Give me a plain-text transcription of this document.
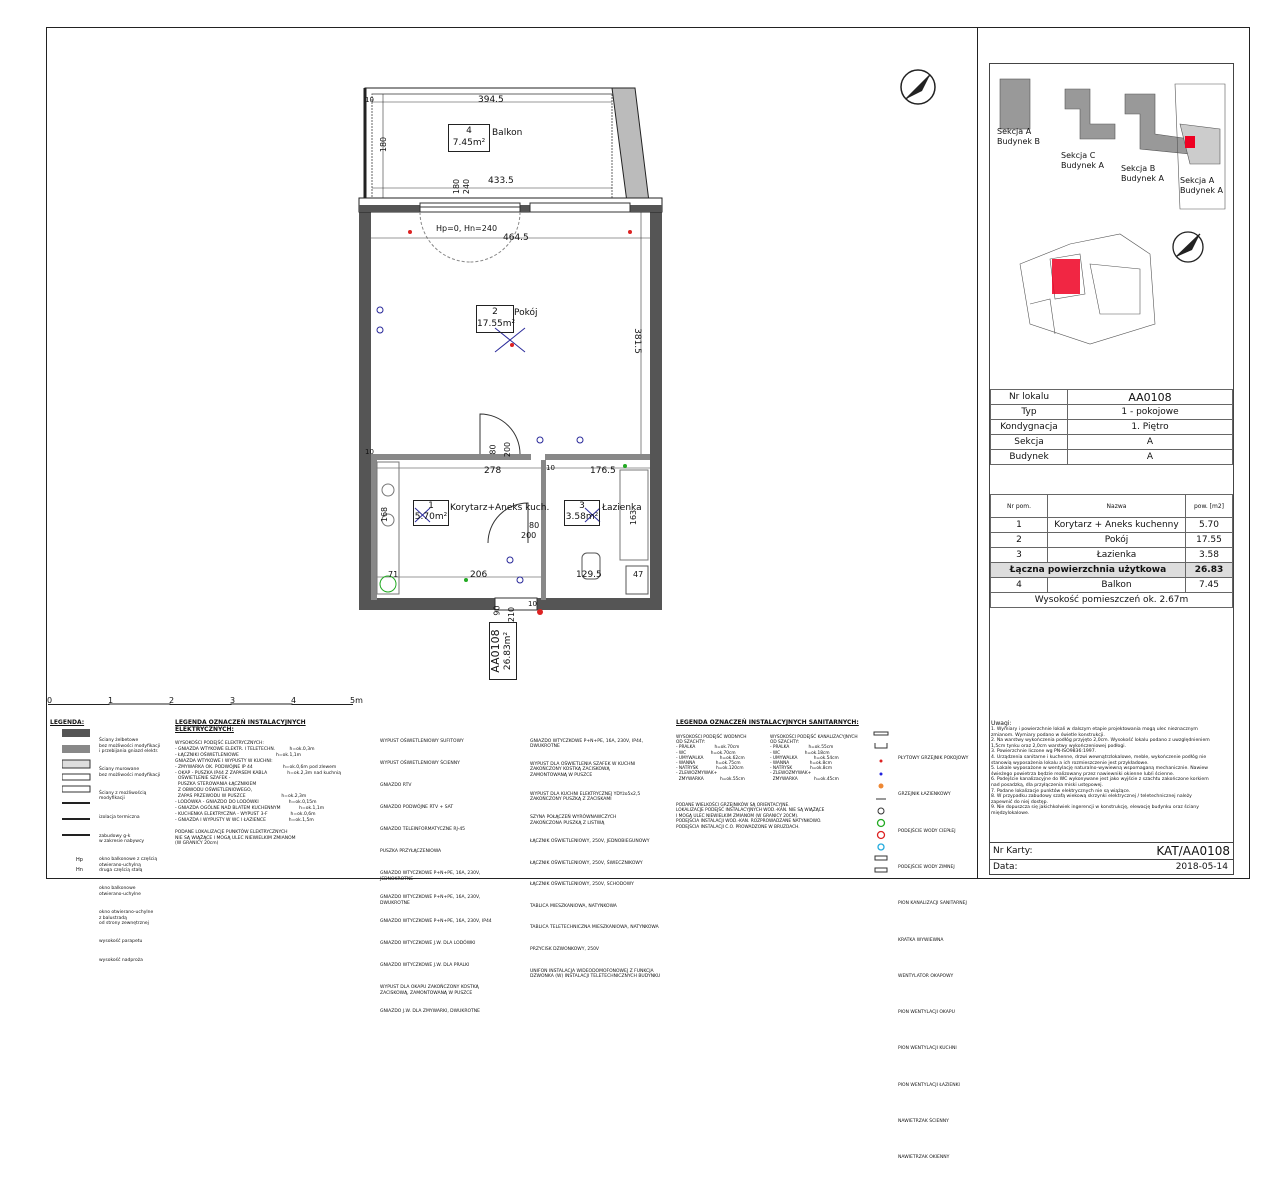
394.5
180
433.5
180 240
Hp=0, Hn=240
464.5
381.5
278	176.5
80 200
80
200
168	163
206	129.5
71	47
90 210
10
10
10
10
4
7.45m²
Balkon
2
17.55m²
Pokój
1
5.70m²
Korytarz+Aneks kuch.	3
3.58m²
Łazienka
AA0108 26.83m²
0	1	2	3	4	5m
Sekcja A
Budynek B
Sekcja C
Budynek A Sekcja B
Budynek A Sekcja A
Budynek A
Nr lokalu	AA0108
Typ	1 - pokojowe
Kondygnacja	1. Piętro
Sekcja	A
Budynek	A
Nr pom.	Nazwa	pow. [m2]
1	Korytarz + Aneks kuchenny	5.70
2	Pokój	17.55
3	Łazienka	3.58
Łączna powierzchnia użytkowa		26.83
4	Balkon	7.45
Wysokość pomieszczeń ok. 2.67m		
Uwagi:
1. Wymiary i powierzchnie lokali w dalszym etapie projektowania mogą ulec nieznacznym
zmianom. Wymiary podano w świetle konstrukcji.
2. Na warstwy wykończenia podłóg przyjęto 2,0cm. Wysokość lokalu podano z uwzględnieniem
1,5cm tynku oraz 2,0cm warstwy wykończeniowej podłogi.
3. Powierzchnie liczone wg PN-ISO9836:1997.
4. Urządzenia sanitarne i kuchenne, drzwi wewnątrzlokalowe, meble, wykończenie podłóg nie
stanowią wyposażenia lokalu a ich rozmieszczenie jest przykładowe.
5. Lokale wyposażone w wentylację naturalno-wywiewną wspomaganą mechanicznie. Nawiew
świeżego powietrza będzie realizowany przez nawiewniki okienne lub/i ścienne.
6. Podejście kanalizacyjne do WC wykonywane jest jako wyjście z szachtu zakończone korkiem
nad posadzką, dla przyłączenia miski ustępowej.
7. Podane lokalizacje punktów elektrycznych nie są wiążące.
8. W przypadku zabudowy szafą wiekową skrzynki elektrycznej / teletechnicznej należy
zapewnić do niej dostęp.
9. Nie dopuszcza się jakichkolwiek ingerencji w konstrukcję, elewację budynku oraz ściany
międzylokalowe.
Nr Karty:	KAT/AA0108
Data:	2018-05-14
LEGENDA:

Ściany żelbetowe
bez możliwości modyfikacji
i przebijania gniazd elektr.

Ściany murowane
bez możliwości modyfikacji

Ściany z możliwością
modyfikacji

izolacja termiczna

zabudowy g-k
w zakresie nabywcy

okno balkonowe z częścią
otwierano-uchylną
druga częścią stałą

okno balkonowe
otwierano-uchylne

okno otwierano-uchylne
z balustradą
od strony zewnętrznej

wysokość parapetu

wysokość nadproża

Hp
Hn
LEGENDA OZNACZEŃ INSTALACYJNYCH ELEKTRYCZNYCH:
WYSOKOŚCI PODEJŚĆ ELEKTRYCZNYCH:
- GNIAZDA WTYKOWE ELEKTR. I TELETECHN.          h=ok.0,3m
- ŁĄCZNIKI OŚWIETLENIOWE                          h=ok.1,1m
GNIAZDA WTYKOWE I WYPUSTY W KUCHNI:
- ZMYWARKA OK. PODWÓJNE IP 44                     h=ok.0,6m pod zlewem
- OKAP - PUSZKA IP44 Z ZAPASEM KABLA              h=ok.2,3m nad kuchnią
OŚWIETLENIE SZAFEK -
PUSZKA STEROWANIA ŁĄCZNIKIEM
Z OBWODU OŚWIETLENIOWEGO,
ZAPAS PRZEWODU W PUSZCE                         h=ok.2,3m
- LODÓWKA - GNIAZDO DO LODÓWKI                     h=ok.0,15m
- GNIAZDA OGÓLNE NAD BLATEM KUCHENNYM             h=ok.1,1m
- KUCHENKA ELEKTRYCZNA - WYPUST 3-F                h=ok.0,6m
- GNIAZDA I WYPUSTY W WC I ŁAZIENCE                h=ok.1,5m

PODANE LOKALIZACJE PUNKTÓW ELEKTRYCZNYCH
NIE SĄ WIĄŻĄCE I MOGĄ ULEC NIEWIELKIM ZMIANOM
(W GRANICY 20cm)

WYPUST OŚWIETLENIOWY SUFITOWY

WYPUST OŚWIETLENIOWY ŚCIENNY

GNIAZDO RTV

GNIAZDO PODWÓJNE RTV + SAT

GNIAZDO TELEINFORMATYCZNE RJ-45

PUSZKA PRZYŁĄCZENIOWA

GNIAZDO WTYCZKOWE P+N+PE, 16A, 230V,
JEDNOKROTNE

GNIAZDO WTYCZKOWE P+N+PE, 16A, 230V,
DWUKROTNE

GNIAZDO WTYCZKOWE P+N+PE, 16A, 230V, IP44

GNIAZDO WTYCZKOWE J.W. DLA LODÓWKI

GNIAZDO WTYCZKOWE J.W. DLA PRALKI

WYPUST DLA OKAPU ZAKOŃCZONY KOSTKĄ
ZACISKOWĄ, ZAMONTOWANĄ W PUSZCE

GNIAZDO J.W. DLA ZMYWARKI, DWUKROTNE

GNIAZDO WTYCZKOWE P+N+PE, 16A, 230V, IP44,
DWUKROTNE

WYPUST DLA OŚWIETLENIA SZAFEK W KUCHNI
ZAKOŃCZONY KOSTKĄ ZACISKOWĄ
ZAMONTOWANĄ W PUSZCE

WYPUST DLA KUCHNI ELEKTRYCZNEJ YDYżo5x2,5
ZAKOŃCZONY PUSZKĄ Z ZACISKAMI

SZYNA POŁĄCZEŃ WYRÓWNAWCZYCH
ZAKOŃCZONA PUSZKĄ Z LISTWĄ

ŁĄCZNIK OŚWIETLENIOWY, 250V, JEDNOBIEGUNOWY

ŁĄCZNIK OŚWIETLENIOWY, 250V, ŚWIECZNIKOWY

ŁĄCZNIK OŚWIETLENIOWY, 250V, SCHODOWY

TABLICA MIESZKANIOWA, NATYNKOWA

TABLICA TELETECHNICZNA MIESZKANIOWA, NATYNKOWA

PRZYCISK DZWONKOWY, 250V

UNIFON INSTALACJA WIDEODOMOFONOWEJ Z FUNKCJA
DZWONKA (W) INSTALACJI TELETECHNICZNYCH BUDYNKU

LEGENDA OZNACZEŃ INSTALACYJNYCH SANITARNYCH:
WYSOKOŚCI PODEJŚĆ WODNYCH
OD SZACHTY:
- PRALKA              h=ok.70cm
- WC                  h=ok.70cm
- UMYWALKA            h=ok.62cm
- WANNA               h=ok.75cm
- NATRYSK             h=ok.120cm
- ZLEWOZMYWAK+
ZMYWARKA            h=ok.55cm
WYSOKOŚCI PODEJŚĆ KANALIZACYJNYCH
OD SZACHTY:
- PRALKA              h=ok.55cm
- WC                  h=ok.18cm
- UMYWALKA            h=ok.54cm
- WANNA               h=ok.8cm
- NATRYSK             h=ok.8cm
- ZLEWOZMYWAK+
ZMYWARKA            h=ok.45cm
PODANE WIELKOŚCI GRZEJNIKÓW SĄ ORIENTACYJNE.
LOKALIZACJE PODEJŚĆ INSTALACYJNYCH WOD.-KAN. NIE SĄ WIĄŻĄCE
I MOGĄ ULEC NIEWIELKIM ZMIANOM (W GRANICY 20CM).
PODEJŚCIA INSTALACJI WOD.-KAN. ROZPROWADZANE NATYNKOWO.
PODEJŚCIA INSTALACJI C.O. PROWADZONE W BRUZDACH.

PŁYTOWY GRZEJNIK POKOJOWY

GRZEJNIK ŁAZIENKOWY

PODEJŚCIE WODY CIEPŁEJ

PODEJŚCIE WODY ZIMNEJ

PION KANALIZACJI SANITARNEJ

KRATKA WYWIEWNA

WENTYLATOR OKAPOWY

PION WENTYLACJI OKAPU

PION WENTYLACJI KUCHNI

PION WENTYLACJI ŁAZIENKI

NAWIETRZAK ŚCIENNY

NAWIETRZAK OKIENNY
